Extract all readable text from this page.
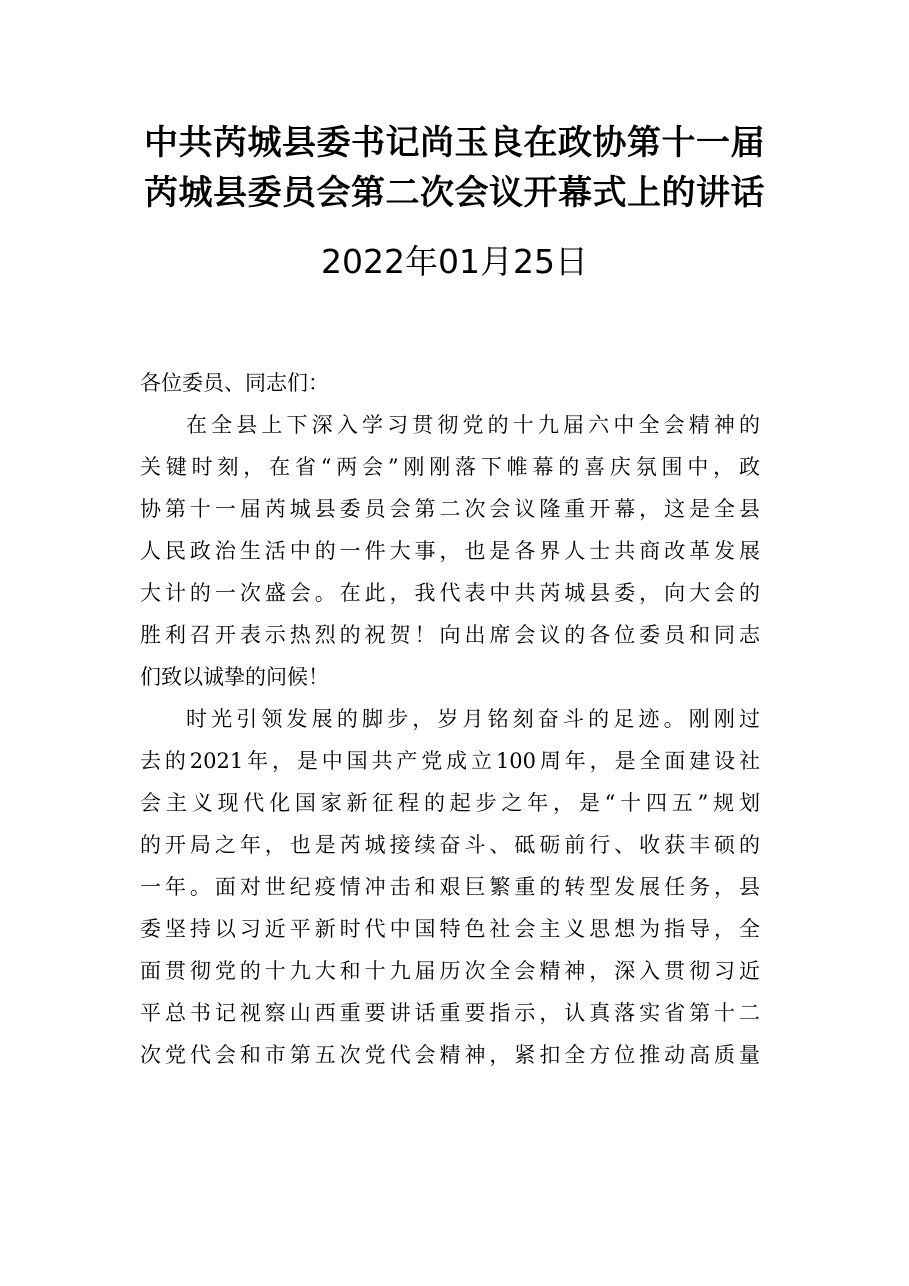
中共芮城县委书记尚玉良在政协第十一届
芮城县委员会第二次会议开幕式上的讲话

2022年01月25日

各位委员、同志们：
在全县上下深入学习贯彻党的十九届六中全会精神的
关键时刻，在省“两会”刚刚落下帷幕的喜庆氛围中，政
协第十一届芮城县委员会第二次会议隆重开幕，这是全县
人民政治生活中的一件大事，也是各界人士共商改革发展
大计的一次盛会。在此，我代表中共芮城县委，向大会的
胜利召开表示热烈的祝贺！向出席会议的各位委员和同志
们致以诚挚的问候！
时光引领发展的脚步，岁月铭刻奋斗的足迹。刚刚过
去的2021年，是中国共产党成立100周年，是全面建设社
会主义现代化国家新征程的起步之年，是“十四五”规划
的开局之年，也是芮城接续奋斗、砥砺前行、收获丰硕的
一年。面对世纪疫情冲击和艰巨繁重的转型发展任务，县
委坚持以习近平新时代中国特色社会主义思想为指导，全
面贯彻党的十九大和十九届历次全会精神，深入贯彻习近
平总书记视察山西重要讲话重要指示，认真落实省第十二
次党代会和市第五次党代会精神，紧扣全方位推动高质量
